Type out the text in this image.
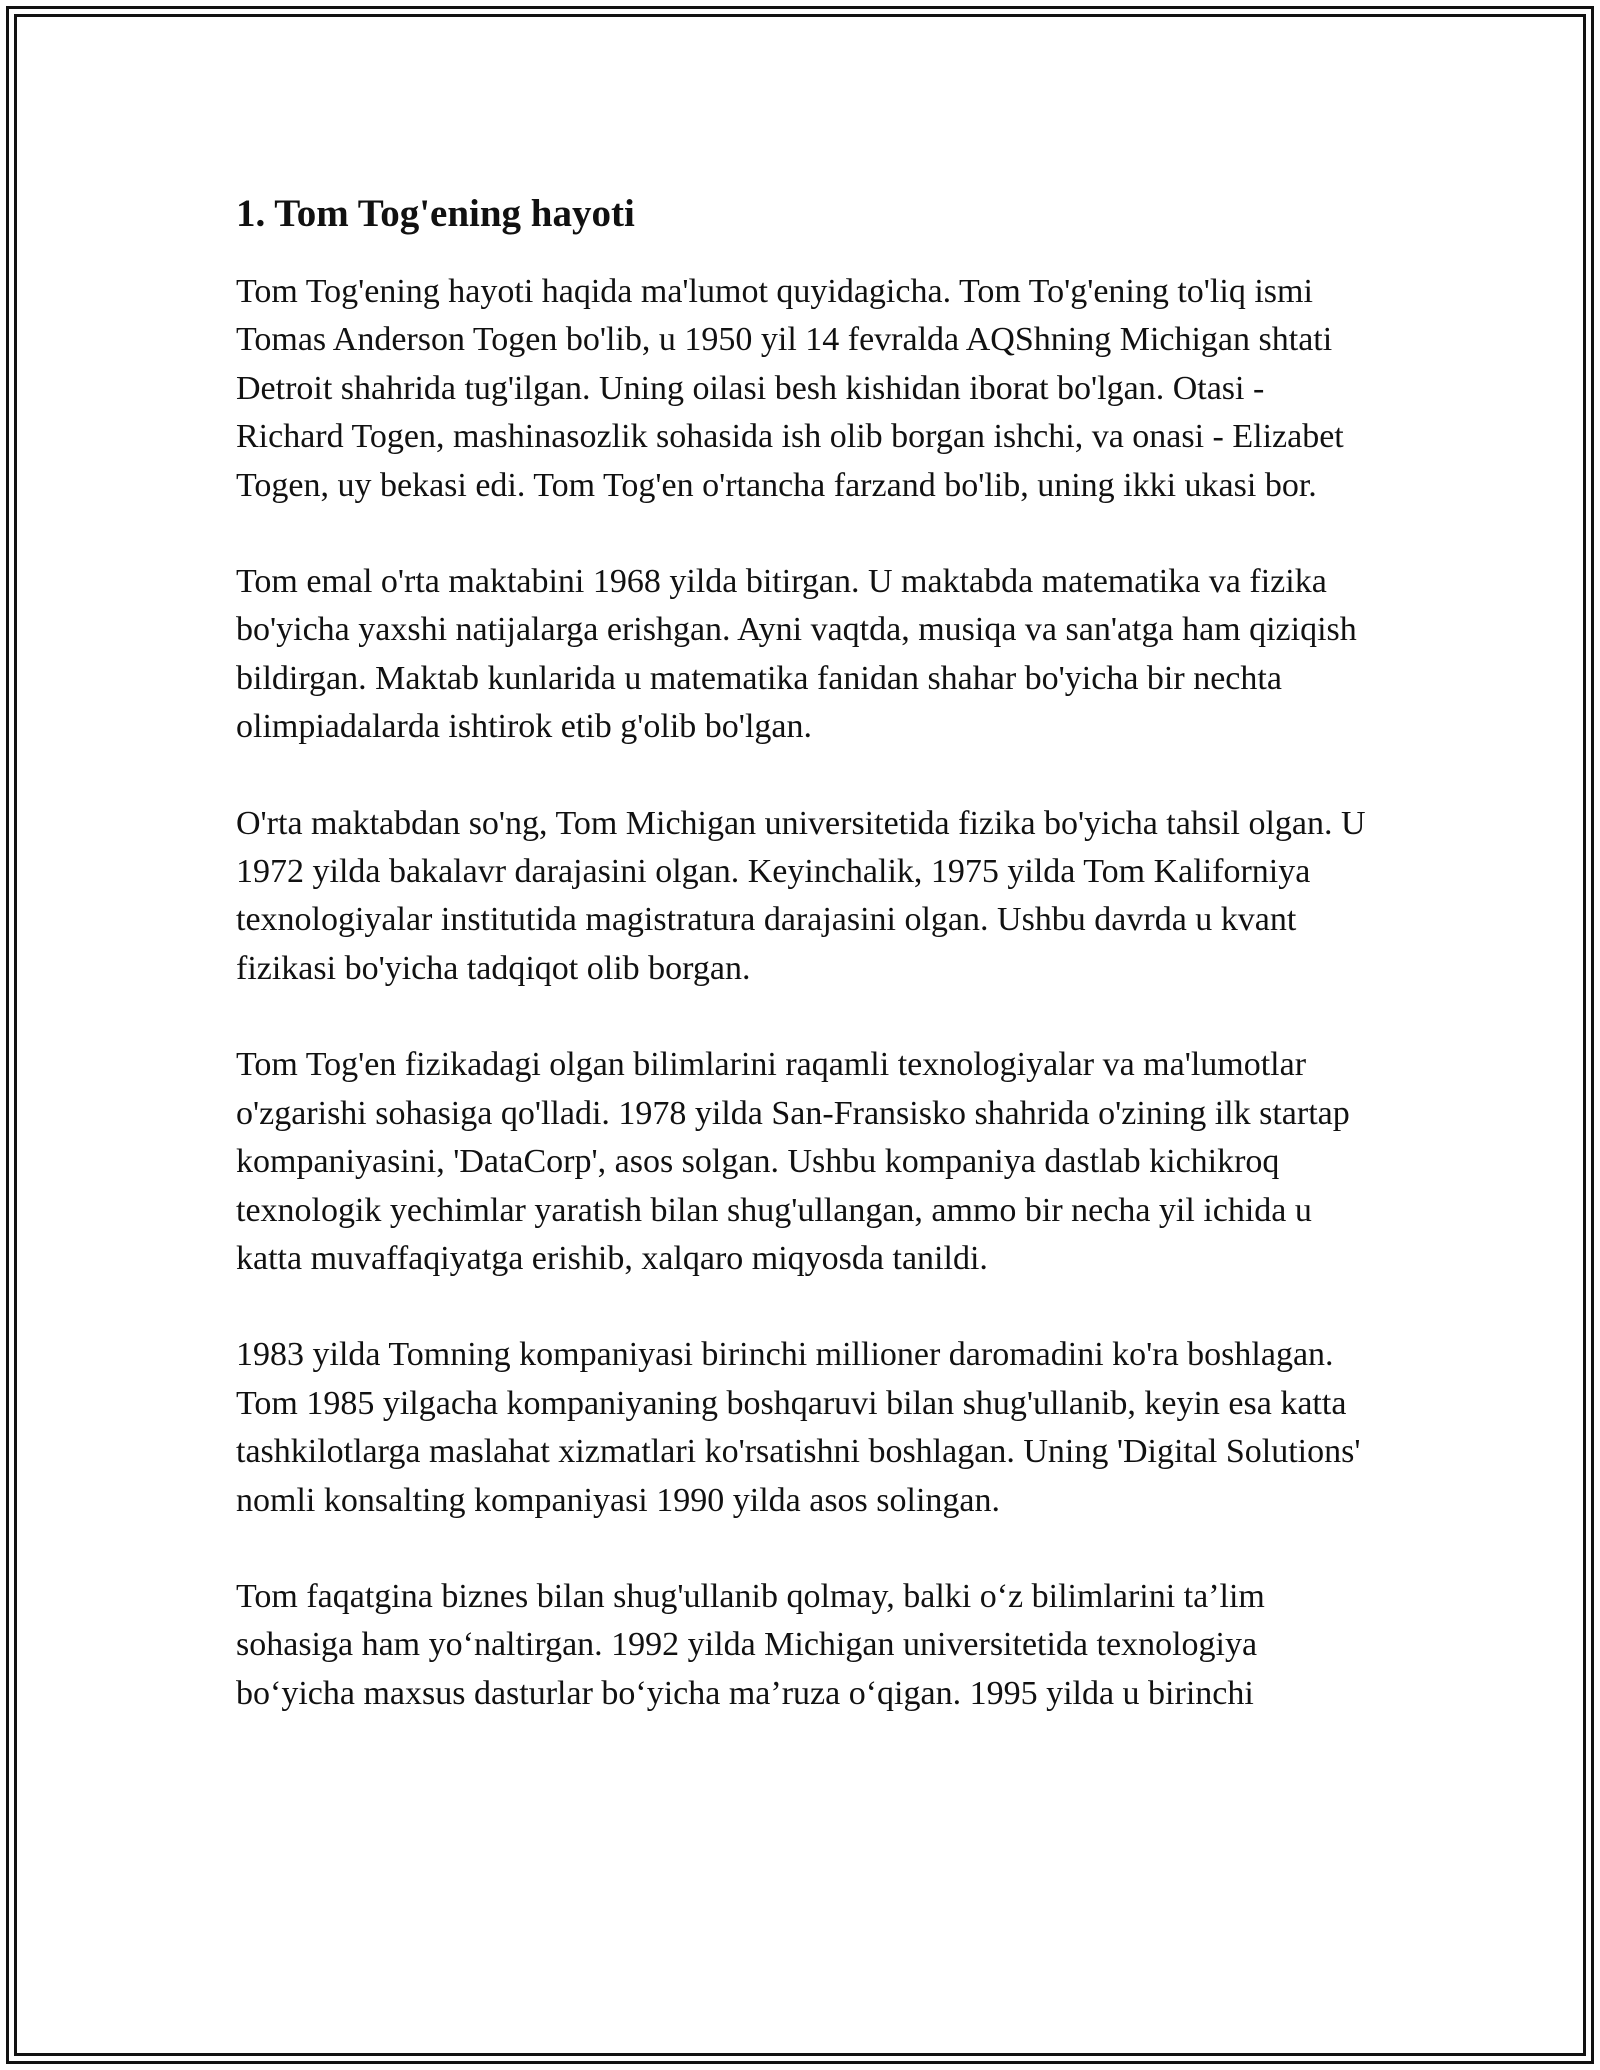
1. Tom Tog'ening hayoti

Tom Tog'ening hayoti haqida ma'lumot quyidagicha. Tom To'g'ening to'liq ismi Tomas Anderson Togen bo'lib, u 1950 yil 14 fevralda AQShning Michigan shtati Detroit shahrida tug'ilgan. Uning oilasi besh kishidan iborat bo'lgan. Otasi - Richard Togen, mashinasozlik sohasida ish olib borgan ishchi, va onasi - Elizabet Togen, uy bekasi edi. Tom Tog'en o'rtancha farzand bo'lib, uning ikki ukasi bor.

Tom emal o'rta maktabini 1968 yilda bitirgan. U maktabda matematika va fizika bo'yicha yaxshi natijalarga erishgan. Ayni vaqtda, musiqa va san'atga ham qiziqish bildirgan. Maktab kunlarida u matematika fanidan shahar bo'yicha bir nechta olimpiadalarda ishtirok etib g'olib bo'lgan.

O'rta maktabdan so'ng, Tom Michigan universitetida fizika bo'yicha tahsil olgan. U 1972 yilda bakalavr darajasini olgan. Keyinchalik, 1975 yilda Tom Kaliforniya texnologiyalar institutida magistratura darajasini olgan. Ushbu davrda u kvant fizikasi bo'yicha tadqiqot olib borgan.

Tom Tog'en fizikadagi olgan bilimlarini raqamli texnologiyalar va ma'lumotlar o'zgarishi sohasiga qo'lladi. 1978 yilda San-Fransisko shahrida o'zining ilk startap kompaniyasini, 'DataCorp', asos solgan. Ushbu kompaniya dastlab kichikroq texnologik yechimlar yaratish bilan shug'ullangan, ammo bir necha yil ichida u katta muvaffaqiyatga erishib, xalqaro miqyosda tanildi.

1983 yilda Tomning kompaniyasi birinchi millioner daromadini ko'ra boshlagan. Tom 1985 yilgacha kompaniyaning boshqaruvi bilan shug'ullanib, keyin esa katta tashkilotlarga maslahat xizmatlari ko'rsatishni boshlagan. Uning 'Digital Solutions' nomli konsalting kompaniyasi 1990 yilda asos solingan.

Tom faqatgina biznes bilan shug'ullanib qolmay, balki o‘z bilimlarini ta’lim sohasiga ham yo‘naltirgan. 1992 yilda Michigan universitetida texnologiya bo‘yicha maxsus dasturlar bo‘yicha ma’ruza o‘qigan. 1995 yilda u birinchi
